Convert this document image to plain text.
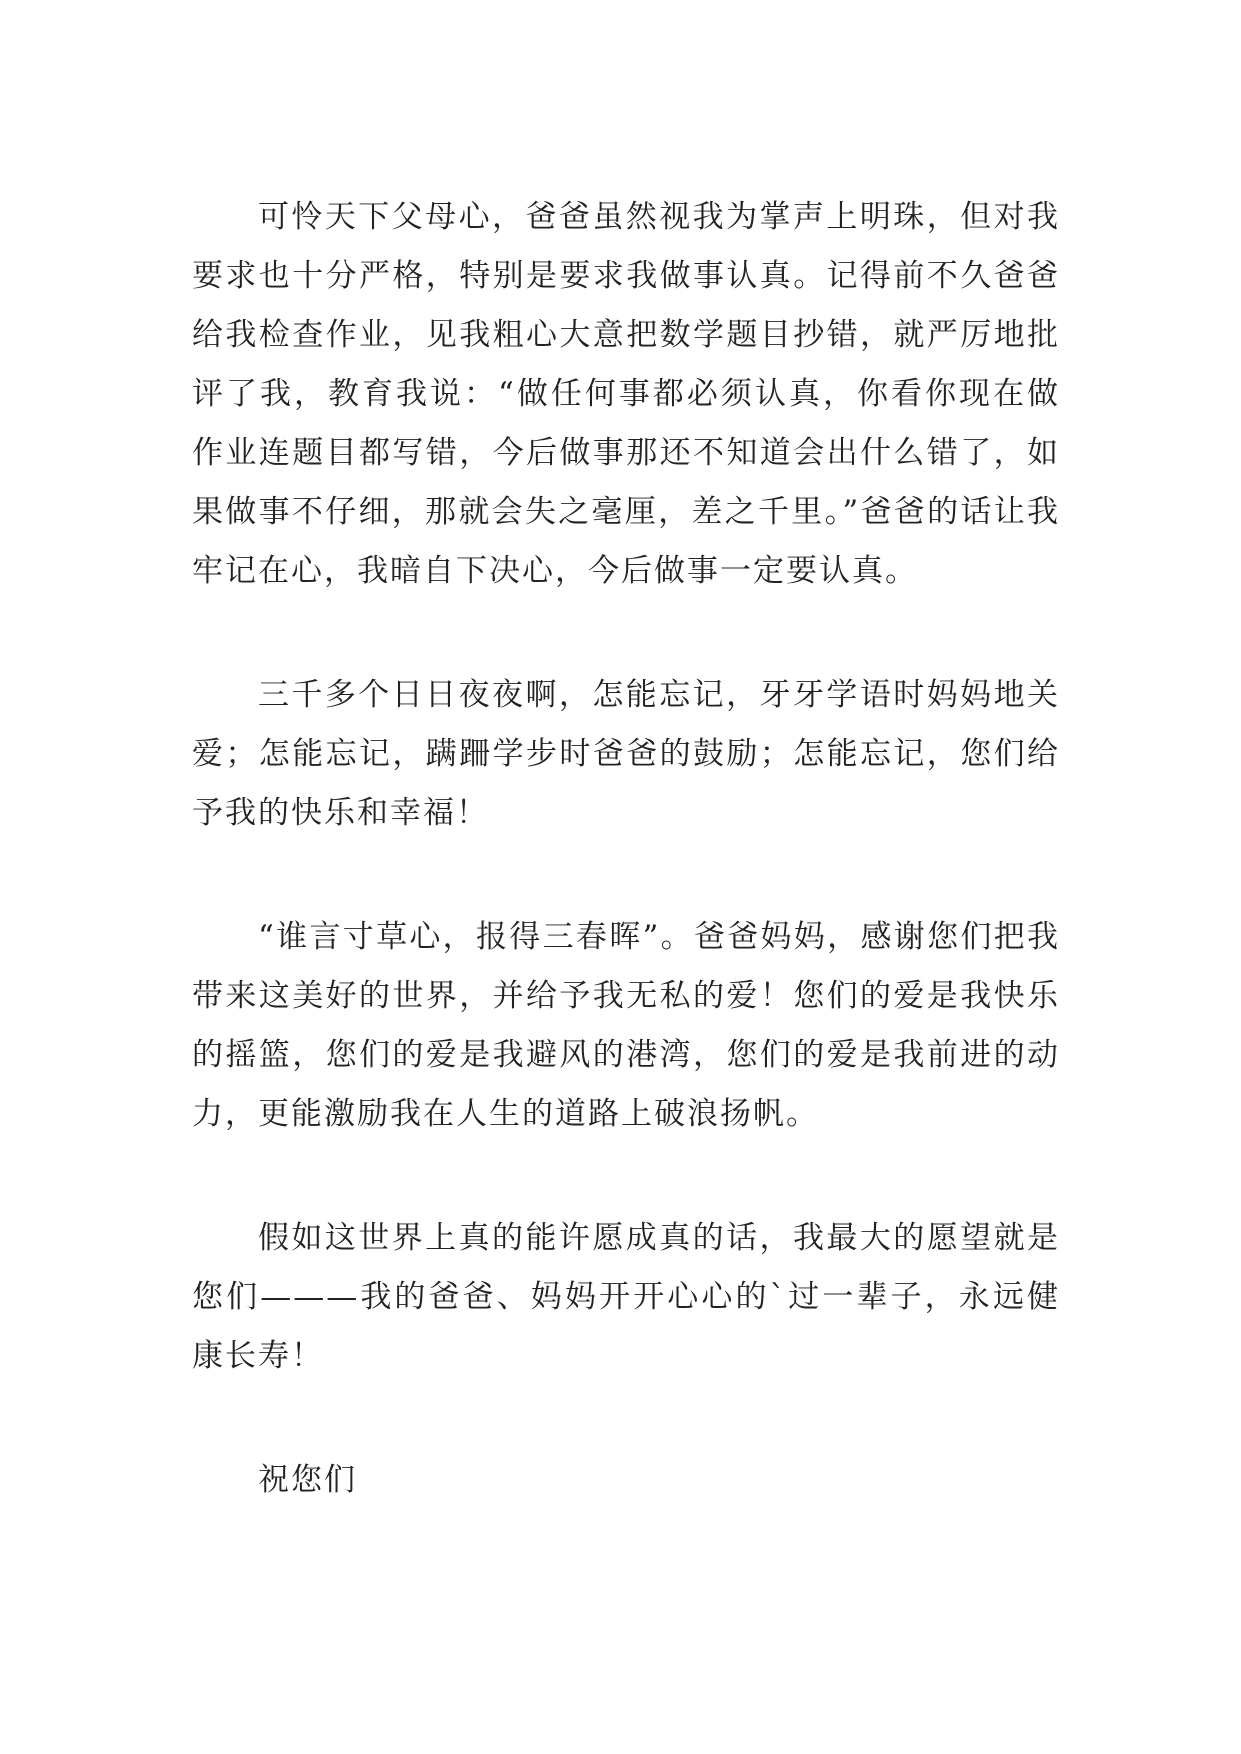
可怜天下父母心，爸爸虽然视我为掌声上明珠，但对我要求也十分严格，特别是要求我做事认真。记得前不久爸爸给我检查作业，见我粗心大意把数学题目抄错，就严厉地批评了我，教育我说：“做任何事都必须认真，你看你现在做作业连题目都写错，今后做事那还不知道会出什么错了，如果做事不仔细，那就会失之毫厘，差之千里。”爸爸的话让我牢记在心，我暗自下决心，今后做事一定要认真。

三千多个日日夜夜啊，怎能忘记，牙牙学语时妈妈地关爱；怎能忘记，蹒跚学步时爸爸的鼓励；怎能忘记，您们给予我的快乐和幸福！

“谁言寸草心，报得三春晖”。爸爸妈妈，感谢您们把我带来这美好的世界，并给予我无私的爱！您们的爱是我快乐的摇篮，您们的爱是我避风的港湾，您们的爱是我前进的动力，更能激励我在人生的道路上破浪扬帆。

假如这世界上真的能许愿成真的话，我最大的愿望就是您们———我的爸爸、妈妈开开心心的`过一辈子，永远健康长寿！

祝您们
